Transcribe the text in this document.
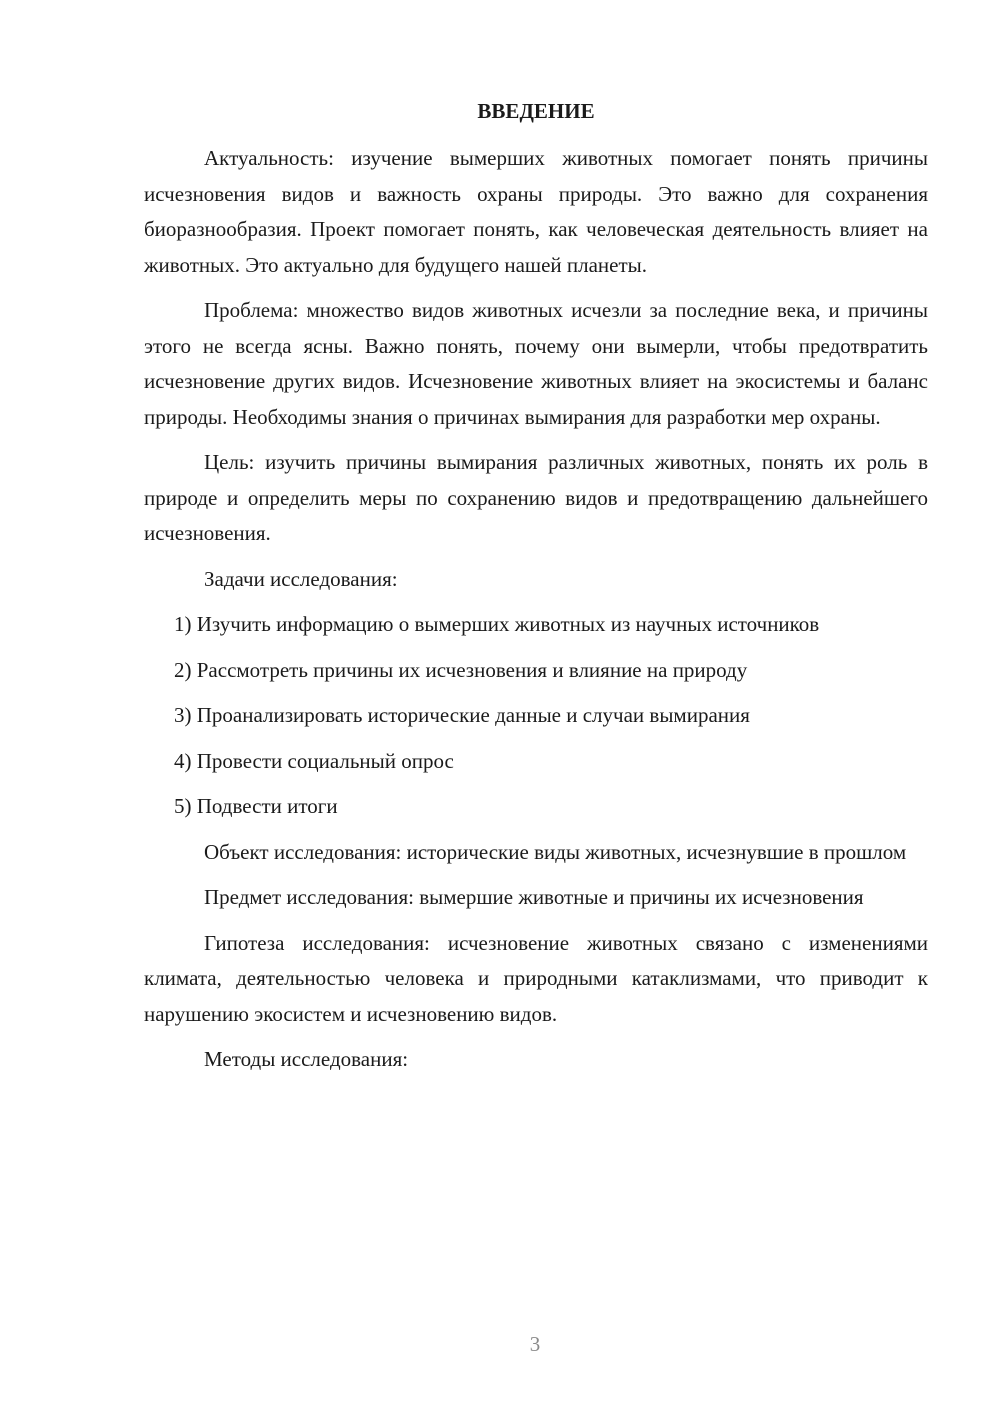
ВВЕДЕНИЕ

Актуальность: изучение вымерших животных помогает понять причины исчезновения видов и важность охраны природы. Это важно для сохранения биоразнообразия. Проект помогает понять, как человеческая деятельность влияет на животных. Это актуально для будущего нашей планеты.

Проблема: множество видов животных исчезли за последние века, и причины этого не всегда ясны. Важно понять, почему они вымерли, чтобы предотвратить исчезновение других видов. Исчезновение животных влияет на экосистемы и баланс природы. Необходимы знания о причинах вымирания для разработки мер охраны.

Цель: изучить причины вымирания различных животных, понять их роль в природе и определить меры по сохранению видов и предотвращению дальнейшего исчезновения.

Задачи исследования:

1) Изучить информацию о вымерших животных из научных источников

2) Рассмотреть причины их исчезновения и влияние на природу

3) Проанализировать исторические данные и случаи вымирания

4) Провести социальный опрос

5) Подвести итоги

Объект исследования: исторические виды животных, исчезнувшие в прошлом

Предмет исследования: вымершие животные и причины их исчезновения

Гипотеза исследования: исчезновение животных связано с изменениями климата, деятельностью человека и природными катаклизмами, что приводит к нарушению экосистем и исчезновению видов.

Методы исследования:

3
